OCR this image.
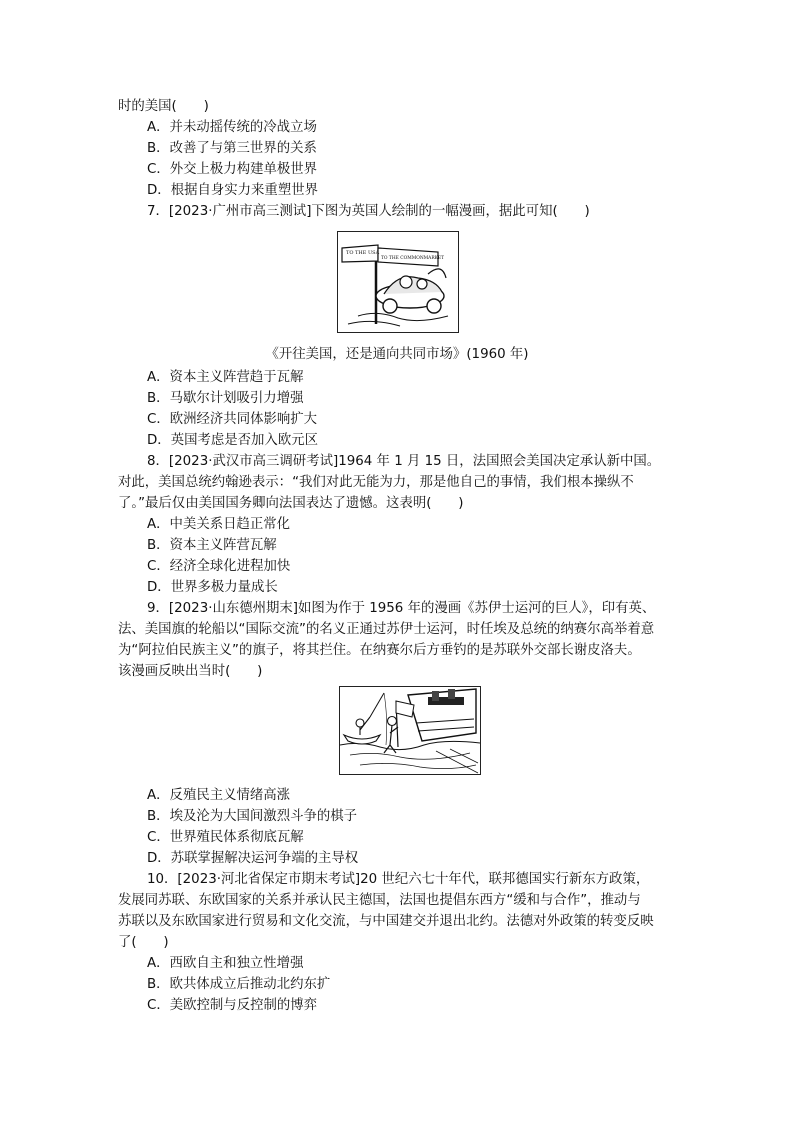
时的美国(　　)
A．并未动摇传统的冷战立场
B．改善了与第三世界的关系
C．外交上极力构建单极世界
D．根据自身实力来重塑世界
7．[2023·广州市高三测试]下图为英国人绘制的一幅漫画，据此可知(　　)
TO THE USA
TO THE COMMONMARKET
《开往美国，还是通向共同市场》(1960 年)
A．资本主义阵营趋于瓦解
B．马歇尔计划吸引力增强
C．欧洲经济共同体影响扩大
D．英国考虑是否加入欧元区
8．[2023·武汉市高三调研考试]1964 年 1 月 15 日，法国照会美国决定承认新中国。
对此，美国总统约翰逊表示：“我们对此无能为力，那是他自己的事情，我们根本操纵不
了。”最后仅由美国国务卿向法国表达了遗憾。这表明(　　)
A．中美关系日趋正常化
B．资本主义阵营瓦解
C．经济全球化进程加快
D．世界多极力量成长
9．[2023·山东德州期末]如图为作于 1956 年的漫画《苏伊士运河的巨人》，印有英、
法、美国旗的轮船以“国际交流”的名义正通过苏伊士运河，时任埃及总统的纳赛尔高举着意
为“阿拉伯民族主义”的旗子，将其拦住。在纳赛尔后方垂钓的是苏联外交部长谢皮洛夫。
该漫画反映出当时(　　)
A．反殖民主义情绪高涨
B．埃及沦为大国间激烈斗争的棋子
C．世界殖民体系彻底瓦解
D．苏联掌握解决运河争端的主导权
10．[2023·河北省保定市期末考试]20 世纪六七十年代，联邦德国实行新东方政策，
发展同苏联、东欧国家的关系并承认民主德国，法国也提倡东西方“缓和与合作”，推动与
苏联以及东欧国家进行贸易和文化交流，与中国建交并退出北约。法德对外政策的转变反映
了(　　)
A．西欧自主和独立性增强
B．欧共体成立后推动北约东扩
C．美欧控制与反控制的博弈
